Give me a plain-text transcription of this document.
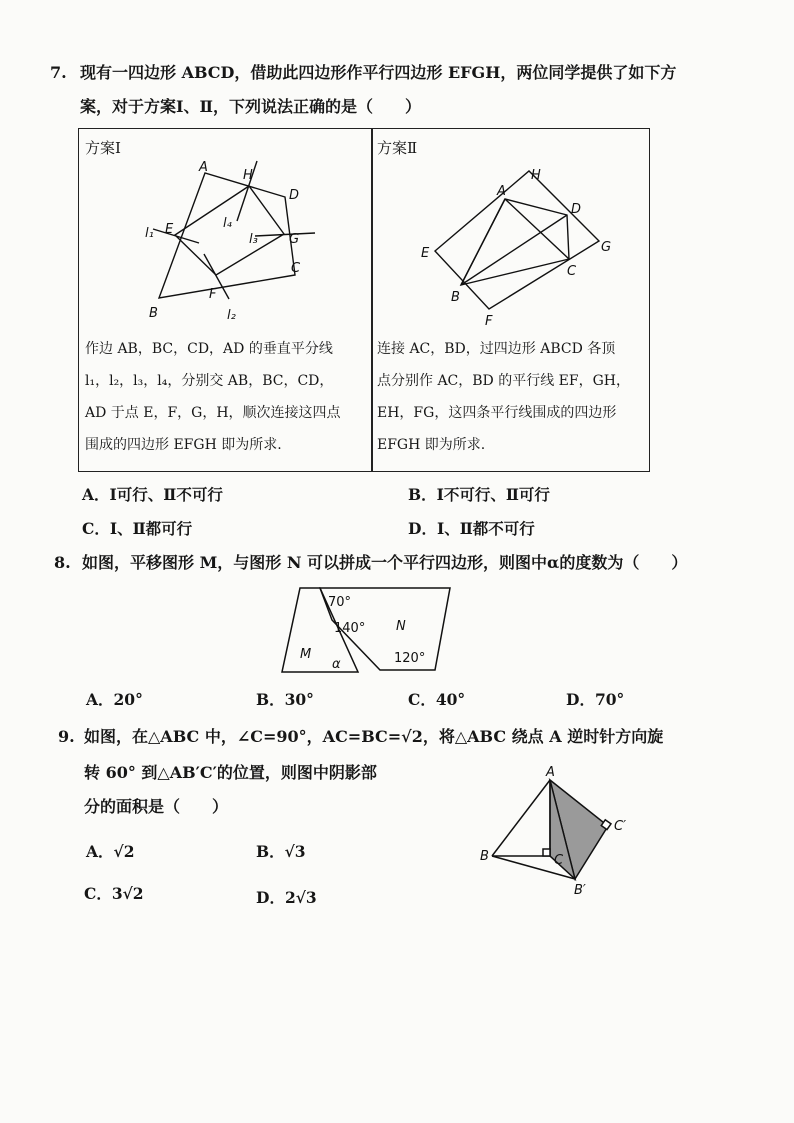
7. 现有一四边形 ABCD，借助此四边形作平行四边形 EFGH，两位同学提供了如下方
案，对于方案Ⅰ、Ⅱ，下列说法正确的是（　　）
方案Ⅰ
A
H
D
E
G
C
F
B
l₁
l₂
l₃
l₄
作边 AB，BC，CD，AD 的垂直平分线
l₁，l₂，l₃，l₄，分别交 AB，BC，CD，
AD 于点 E，F，G，H，顺次连接这四点
围成的四边形 EFGH 即为所求.
方案Ⅱ
A
H
D
E	G
C
B
F
连接 AC，BD，过四边形 ABCD 各顶
点分别作 AC，BD 的平行线 EF，GH，
EH，FG，这四条平行线围成的四边形
EFGH 即为所求.
A．Ⅰ可行、Ⅱ不可行	B．Ⅰ不可行、Ⅱ可行
C．Ⅰ、Ⅱ都可行	D．Ⅰ、Ⅱ都不可行
8. 如图，平移图形 M，与图形 N 可以拼成一个平行四边形，则图中α的度数为（　　）
70°
140°
120°
M
N
α
A．20°	B．30°	C．40°	D．70°
9. 如图，在△ABC 中，∠C=90°，AC=BC=√2，将△ABC 绕点 A 逆时针方向旋
转 60° 到△AB′C′的位置，则图中阴影部
分的面积是（　　）
A．√2	B．√3
C．3√2	D．2√3
A
B	C
C′
B′
